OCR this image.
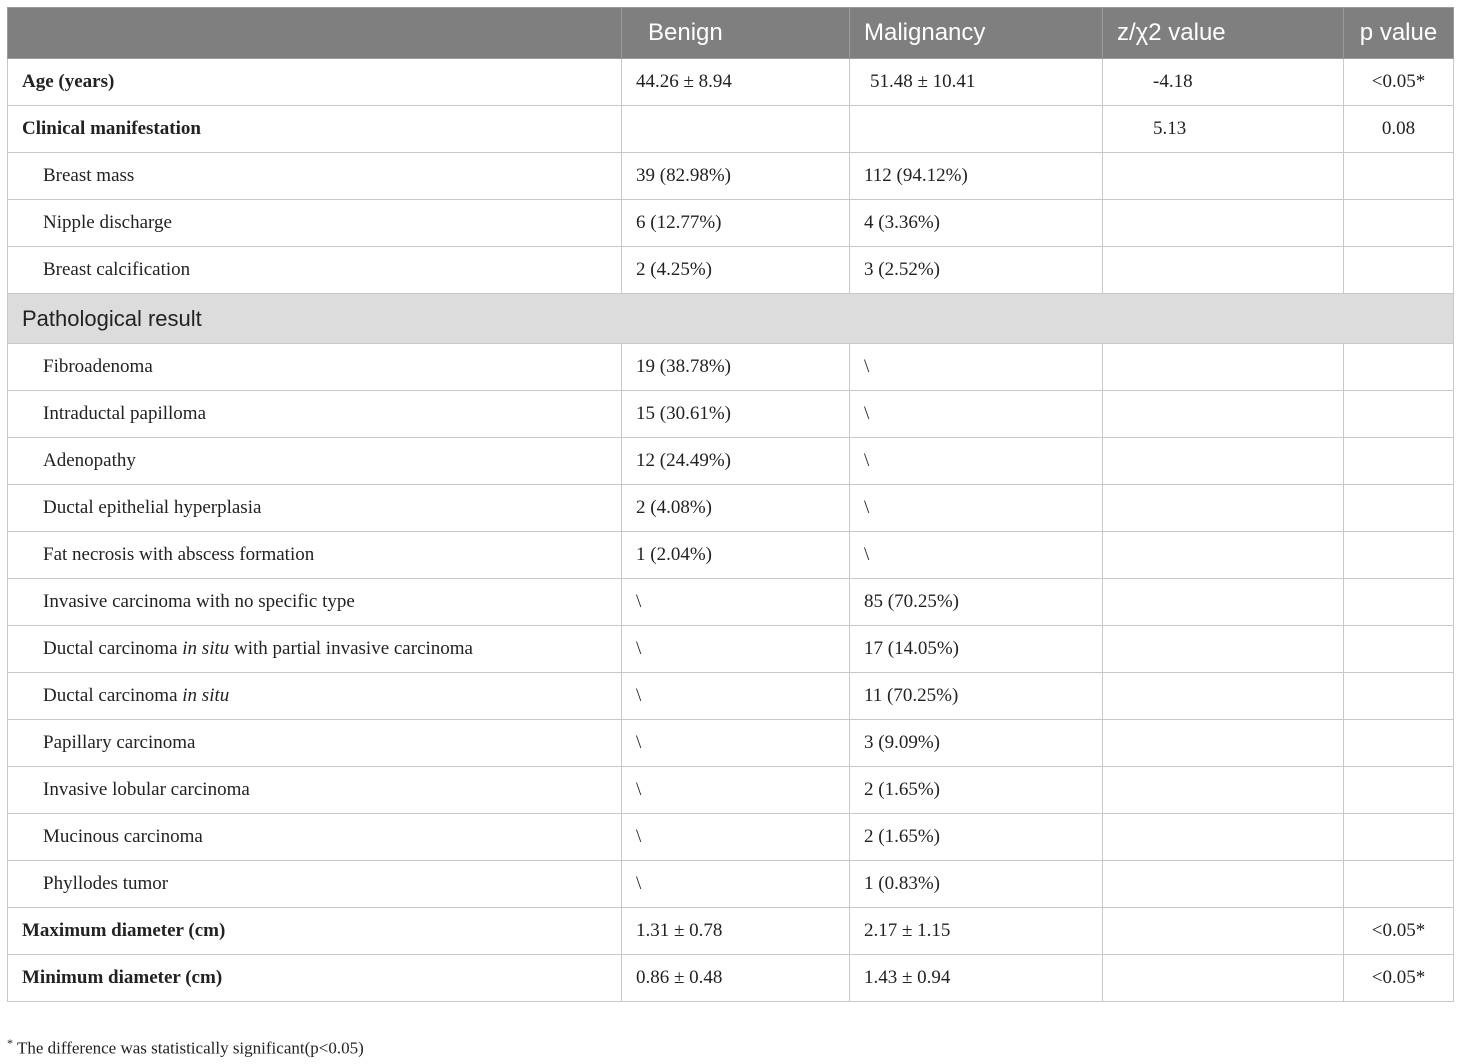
	Benign	Malignancy	z/χ2 value	p value
Age (years)	44.26 ± 8.94	51.48 ± 10.41	-4.18	<0.05*
Clinical manifestation			5.13	0.08
Breast mass	39 (82.98%)	112 (94.12%)		
Nipple discharge	6 (12.77%)	4 (3.36%)		
Breast calcification	2 (4.25%)	3 (2.52%)		
Pathological result				
Fibroadenoma	19 (38.78%)	\		
Intraductal papilloma	15 (30.61%)	\		
Adenopathy	12 (24.49%)	\		
Ductal epithelial hyperplasia	2 (4.08%)	\		
Fat necrosis with abscess formation	1 (2.04%)	\		
Invasive carcinoma with no specific type	\	85 (70.25%)		
Ductal carcinoma in situ with partial invasive carcinoma	\	17 (14.05%)		
Ductal carcinoma in situ	\	11 (70.25%)		
Papillary carcinoma	\	3 (9.09%)		
Invasive lobular carcinoma	\	2 (1.65%)		
Mucinous carcinoma	\	2 (1.65%)		
Phyllodes tumor	\	1 (0.83%)		
Maximum diameter (cm)	1.31 ± 0.78	2.17 ± 1.15		<0.05*
Minimum diameter (cm)	0.86 ± 0.48	1.43 ± 0.94		<0.05*
* The difference was statistically significant(p<0.05)
